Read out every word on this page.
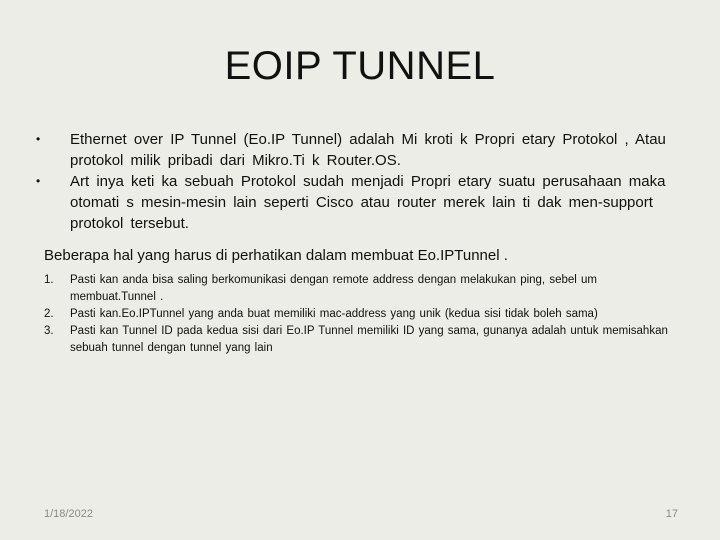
EOIP TUNNEL
• Ethernet over IP Tunnel (Eo.IP Tunnel) adalah Mi kroti k Propri etary Protokol , Atau protokol milik pribadi dari Mikro.Ti k Router.OS.
• Art inya keti ka sebuah Protokol sudah menjadi Propri etary suatu perusahaan maka otomati s mesin-mesin lain seperti Cisco atau router merek lain ti dak men-support protokol tersebut.
Beberapa hal yang harus di perhatikan dalam membuat Eo.IPTunnel .
1. Pasti kan anda bisa saling berkomunikasi dengan remote address dengan melakukan ping, sebel um membuat.Tunnel .
2. Pasti kan.Eo.IPTunnel yang anda buat memiliki mac-address yang unik (kedua sisi tidak boleh sama)
3. Pasti kan Tunnel ID pada kedua sisi dari Eo.IP Tunnel memiliki ID yang sama, gunanya adalah untuk memisahkan sebuah tunnel dengan tunnel yang lain
1/18/2022	17
